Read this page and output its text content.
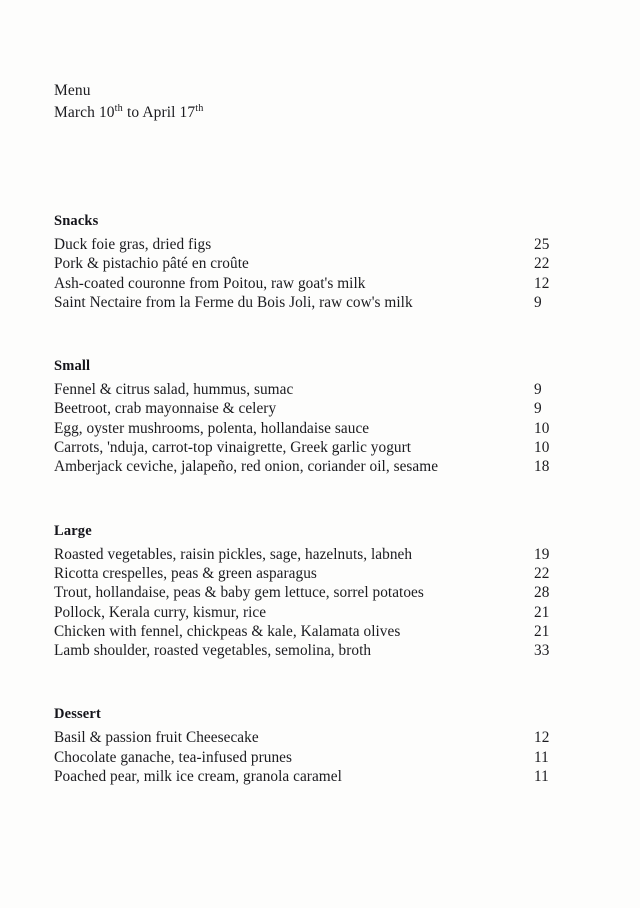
Menu
March 10th to April 17th
Snacks
Duck foie gras, dried figs	25
Pork & pistachio pâté en croûte	22
Ash-coated couronne from Poitou, raw goat's milk	12
Saint Nectaire from la Ferme du Bois Joli, raw cow's milk	9
Small
Fennel & citrus salad, hummus, sumac	9
Beetroot, crab mayonnaise & celery	9
Egg, oyster mushrooms, polenta, hollandaise sauce	10
Carrots, 'nduja, carrot-top vinaigrette, Greek garlic yogurt	10
Amberjack ceviche, jalapeño, red onion, coriander oil, sesame	18
Large
Roasted vegetables, raisin pickles, sage, hazelnuts, labneh	19
Ricotta crespelles, peas & green asparagus	22
Trout, hollandaise, peas & baby gem lettuce, sorrel potatoes	28
Pollock, Kerala curry, kismur, rice	21
Chicken with fennel, chickpeas & kale, Kalamata olives	21
Lamb shoulder, roasted vegetables, semolina, broth	33
Dessert
Basil & passion fruit Cheesecake	12
Chocolate ganache, tea-infused prunes	11
Poached pear, milk ice cream, granola caramel	11
